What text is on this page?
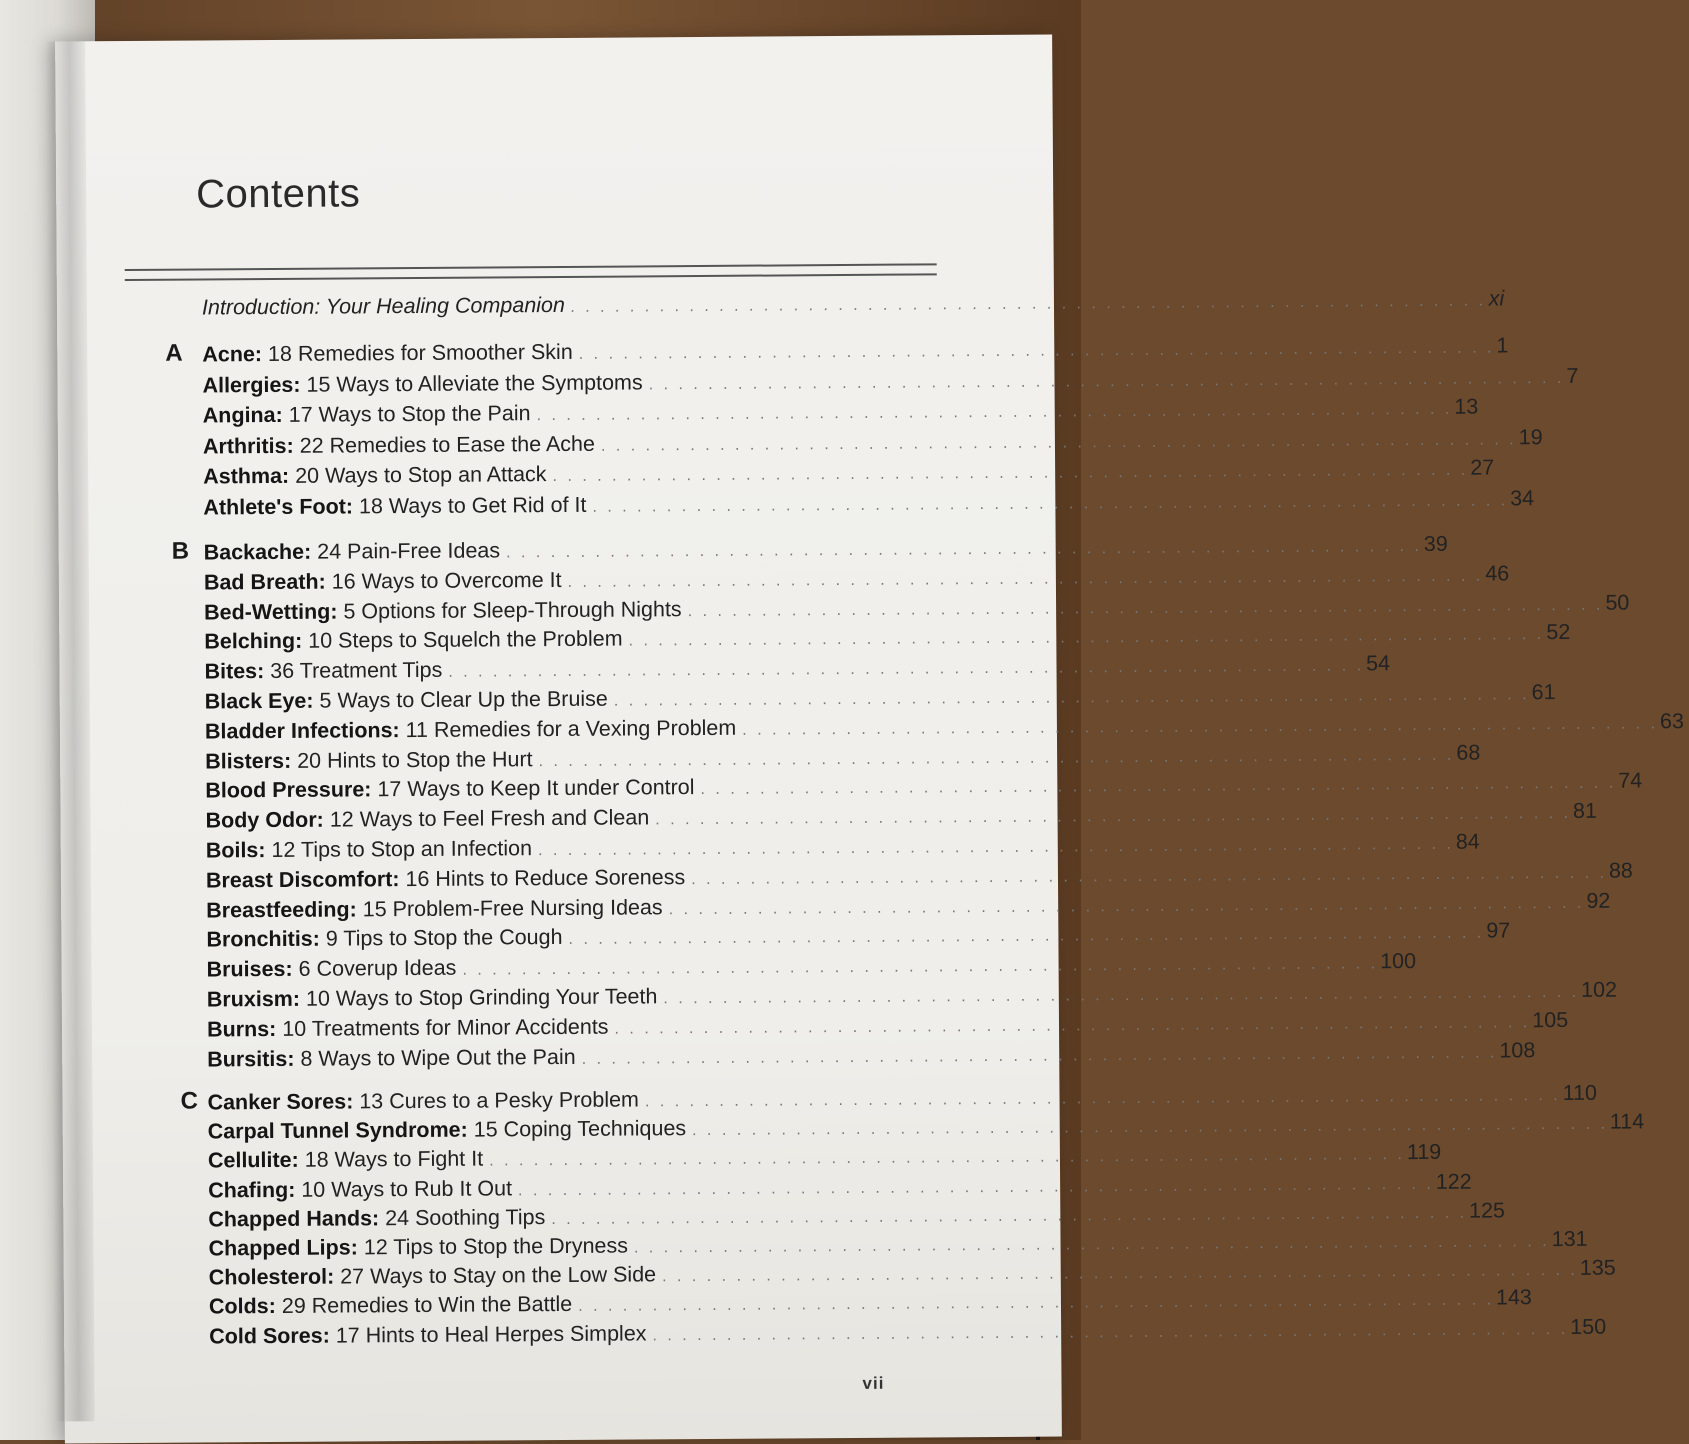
Contents
Introduction: Your Healing Companion . . . . . . . . . . . . . . . . . . . . . . . . . . . . . . . . . . . . . . . . . . . . . . . . . . . . . . . . . . . . . . xi
A Acne: 18 Remedies for Smoother Skin . . . . . . . . . . . . . . . . . . . . . . . . . . . . . . . . . . . . . . . . . . . . . . . . . . . . . . . . . . . . . . 1
Allergies: 15 Ways to Alleviate the Symptoms . . . . . . . . . . . . . . . . . . . . . . . . . . . . . . . . . . . . . . . . . . . . . . . . . . . . . . . . . . . . . . 7
Angina: 17 Ways to Stop the Pain . . . . . . . . . . . . . . . . . . . . . . . . . . . . . . . . . . . . . . . . . . . . . . . . . . . . . . . . . . . . . . 13
Arthritis: 22 Remedies to Ease the Ache . . . . . . . . . . . . . . . . . . . . . . . . . . . . . . . . . . . . . . . . . . . . . . . . . . . . . . . . . . . . . . 19
Asthma: 20 Ways to Stop an Attack . . . . . . . . . . . . . . . . . . . . . . . . . . . . . . . . . . . . . . . . . . . . . . . . . . . . . . . . . . . . . . 27
Athlete's Foot: 18 Ways to Get Rid of It . . . . . . . . . . . . . . . . . . . . . . . . . . . . . . . . . . . . . . . . . . . . . . . . . . . . . . . . . . . . . . 34
B Backache: 24 Pain-Free Ideas . . . . . . . . . . . . . . . . . . . . . . . . . . . . . . . . . . . . . . . . . . . . . . . . . . . . . . . . . . . . . . 39
Bad Breath: 16 Ways to Overcome It . . . . . . . . . . . . . . . . . . . . . . . . . . . . . . . . . . . . . . . . . . . . . . . . . . . . . . . . . . . . . . 46
Bed-Wetting: 5 Options for Sleep-Through Nights . . . . . . . . . . . . . . . . . . . . . . . . . . . . . . . . . . . . . . . . . . . . . . . . . . . . . . . . . . . . . . 50
Belching: 10 Steps to Squelch the Problem . . . . . . . . . . . . . . . . . . . . . . . . . . . . . . . . . . . . . . . . . . . . . . . . . . . . . . . . . . . . . . 52
Bites: 36 Treatment Tips . . . . . . . . . . . . . . . . . . . . . . . . . . . . . . . . . . . . . . . . . . . . . . . . . . . . . . . . . . . . . . 54
Black Eye: 5 Ways to Clear Up the Bruise . . . . . . . . . . . . . . . . . . . . . . . . . . . . . . . . . . . . . . . . . . . . . . . . . . . . . . . . . . . . . . 61
Bladder Infections: 11 Remedies for a Vexing Problem . . . . . . . . . . . . . . . . . . . . . . . . . . . . . . . . . . . . . . . . . . . . . . . . . . . . . . . . . . . . . . 63
Blisters: 20 Hints to Stop the Hurt . . . . . . . . . . . . . . . . . . . . . . . . . . . . . . . . . . . . . . . . . . . . . . . . . . . . . . . . . . . . . . 68
Blood Pressure: 17 Ways to Keep It under Control . . . . . . . . . . . . . . . . . . . . . . . . . . . . . . . . . . . . . . . . . . . . . . . . . . . . . . . . . . . . . . 74
Body Odor: 12 Ways to Feel Fresh and Clean . . . . . . . . . . . . . . . . . . . . . . . . . . . . . . . . . . . . . . . . . . . . . . . . . . . . . . . . . . . . . . 81
Boils: 12 Tips to Stop an Infection . . . . . . . . . . . . . . . . . . . . . . . . . . . . . . . . . . . . . . . . . . . . . . . . . . . . . . . . . . . . . . 84
Breast Discomfort: 16 Hints to Reduce Soreness . . . . . . . . . . . . . . . . . . . . . . . . . . . . . . . . . . . . . . . . . . . . . . . . . . . . . . . . . . . . . . 88
Breastfeeding: 15 Problem-Free Nursing Ideas . . . . . . . . . . . . . . . . . . . . . . . . . . . . . . . . . . . . . . . . . . . . . . . . . . . . . . . . . . . . . . 92
Bronchitis: 9 Tips to Stop the Cough . . . . . . . . . . . . . . . . . . . . . . . . . . . . . . . . . . . . . . . . . . . . . . . . . . . . . . . . . . . . . . 97
Bruises: 6 Coverup Ideas . . . . . . . . . . . . . . . . . . . . . . . . . . . . . . . . . . . . . . . . . . . . . . . . . . . . . . . . . . . . . . 100
Bruxism: 10 Ways to Stop Grinding Your Teeth . . . . . . . . . . . . . . . . . . . . . . . . . . . . . . . . . . . . . . . . . . . . . . . . . . . . . . . . . . . . . . 102
Burns: 10 Treatments for Minor Accidents . . . . . . . . . . . . . . . . . . . . . . . . . . . . . . . . . . . . . . . . . . . . . . . . . . . . . . . . . . . . . . 105
Bursitis: 8 Ways to Wipe Out the Pain . . . . . . . . . . . . . . . . . . . . . . . . . . . . . . . . . . . . . . . . . . . . . . . . . . . . . . . . . . . . . . 108
C Canker Sores: 13 Cures to a Pesky Problem . . . . . . . . . . . . . . . . . . . . . . . . . . . . . . . . . . . . . . . . . . . . . . . . . . . . . . . . . . . . . . 110
Carpal Tunnel Syndrome: 15 Coping Techniques . . . . . . . . . . . . . . . . . . . . . . . . . . . . . . . . . . . . . . . . . . . . . . . . . . . . . . . . . . . . . . 114
Cellulite: 18 Ways to Fight It . . . . . . . . . . . . . . . . . . . . . . . . . . . . . . . . . . . . . . . . . . . . . . . . . . . . . . . . . . . . . . 119
Chafing: 10 Ways to Rub It Out . . . . . . . . . . . . . . . . . . . . . . . . . . . . . . . . . . . . . . . . . . . . . . . . . . . . . . . . . . . . . . 122
Chapped Hands: 24 Soothing Tips . . . . . . . . . . . . . . . . . . . . . . . . . . . . . . . . . . . . . . . . . . . . . . . . . . . . . . . . . . . . . . 125
Chapped Lips: 12 Tips to Stop the Dryness . . . . . . . . . . . . . . . . . . . . . . . . . . . . . . . . . . . . . . . . . . . . . . . . . . . . . . . . . . . . . . 131
Cholesterol: 27 Ways to Stay on the Low Side . . . . . . . . . . . . . . . . . . . . . . . . . . . . . . . . . . . . . . . . . . . . . . . . . . . . . . . . . . . . . . 135
Colds: 29 Remedies to Win the Battle . . . . . . . . . . . . . . . . . . . . . . . . . . . . . . . . . . . . . . . . . . . . . . . . . . . . . . . . . . . . . . 143
Cold Sores: 17 Hints to Heal Herpes Simplex . . . . . . . . . . . . . . . . . . . . . . . . . . . . . . . . . . . . . . . . . . . . . . . . . . . . . . . . . . . . . . 150
vii
